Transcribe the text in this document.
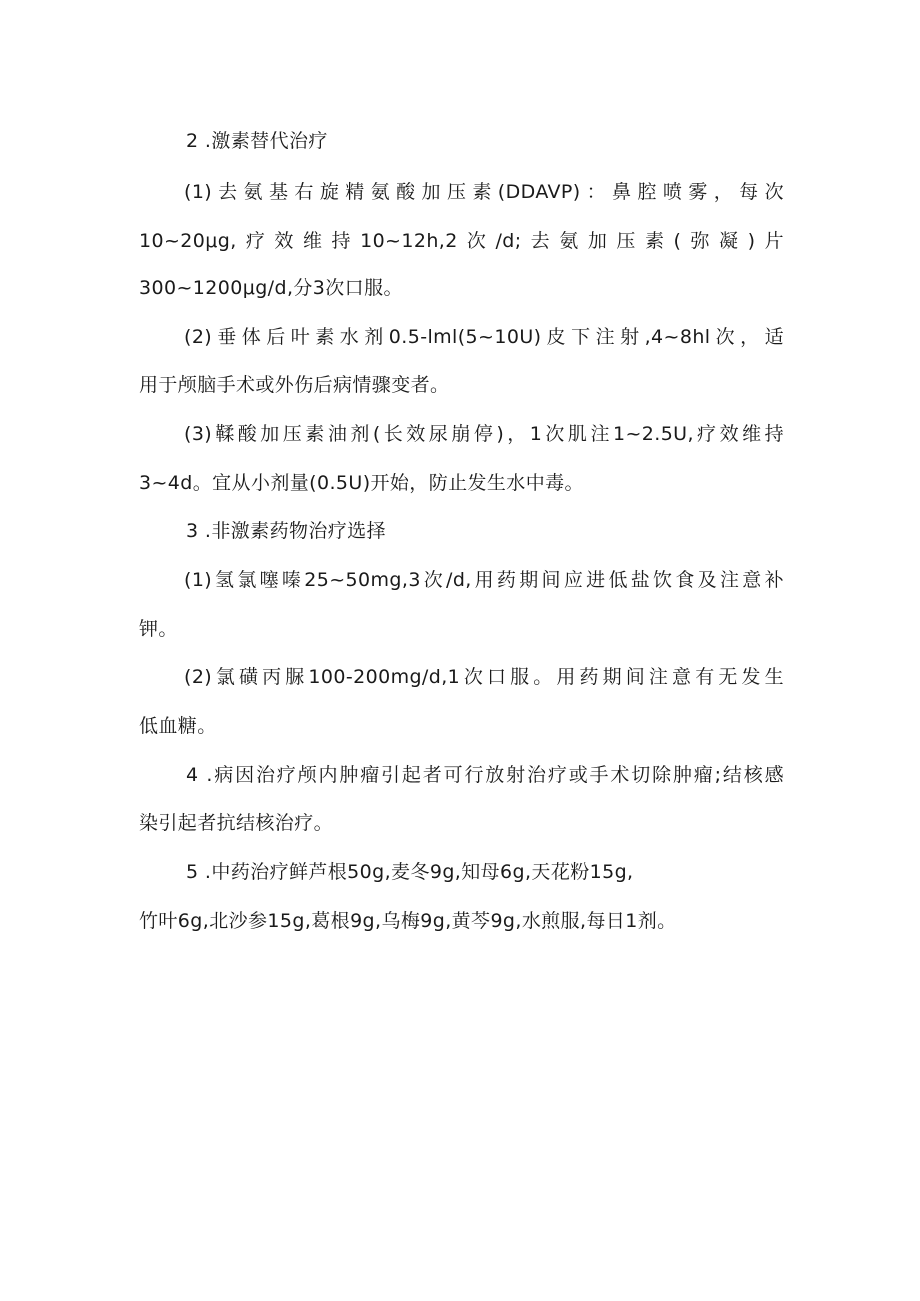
2 .激素替代治疗
(1)去氨基右旋精氨酸加压素(DDAVP)：鼻腔喷雾，每次
10~20μg,疗效维持10~12h,2次/d;去氨加压素(弥凝)片
300~1200μg/d,分3次口服。
(2)垂体后叶素水剂0.5-lml(5~10U)皮下注射,4~8hl次，适
用于颅脑手术或外伤后病情骤变者。
(3)鞣酸加压素油剂(长效尿崩停)，1次肌注1~2.5U,疗效维持
3~4d。宜从小剂量(0.5U)开始，防止发生水中毒。
3 .非激素药物治疗选择
(1)氢氯噻嗪25~50mg,3次/d,用药期间应进低盐饮食及注意补
钾。
(2)氯磺丙脲100-200mg/d,1次口服。用药期间注意有无发生
低血糖。
4 .病因治疗颅内肿瘤引起者可行放射治疗或手术切除肿瘤;结核感
染引起者抗结核治疗。
5 .中药治疗鲜芦根50g,麦冬9g,知母6g,天花粉15g,
竹叶6g,北沙参15g,葛根9g,乌梅9g,黄芩9g,水煎服,每日1剂。
